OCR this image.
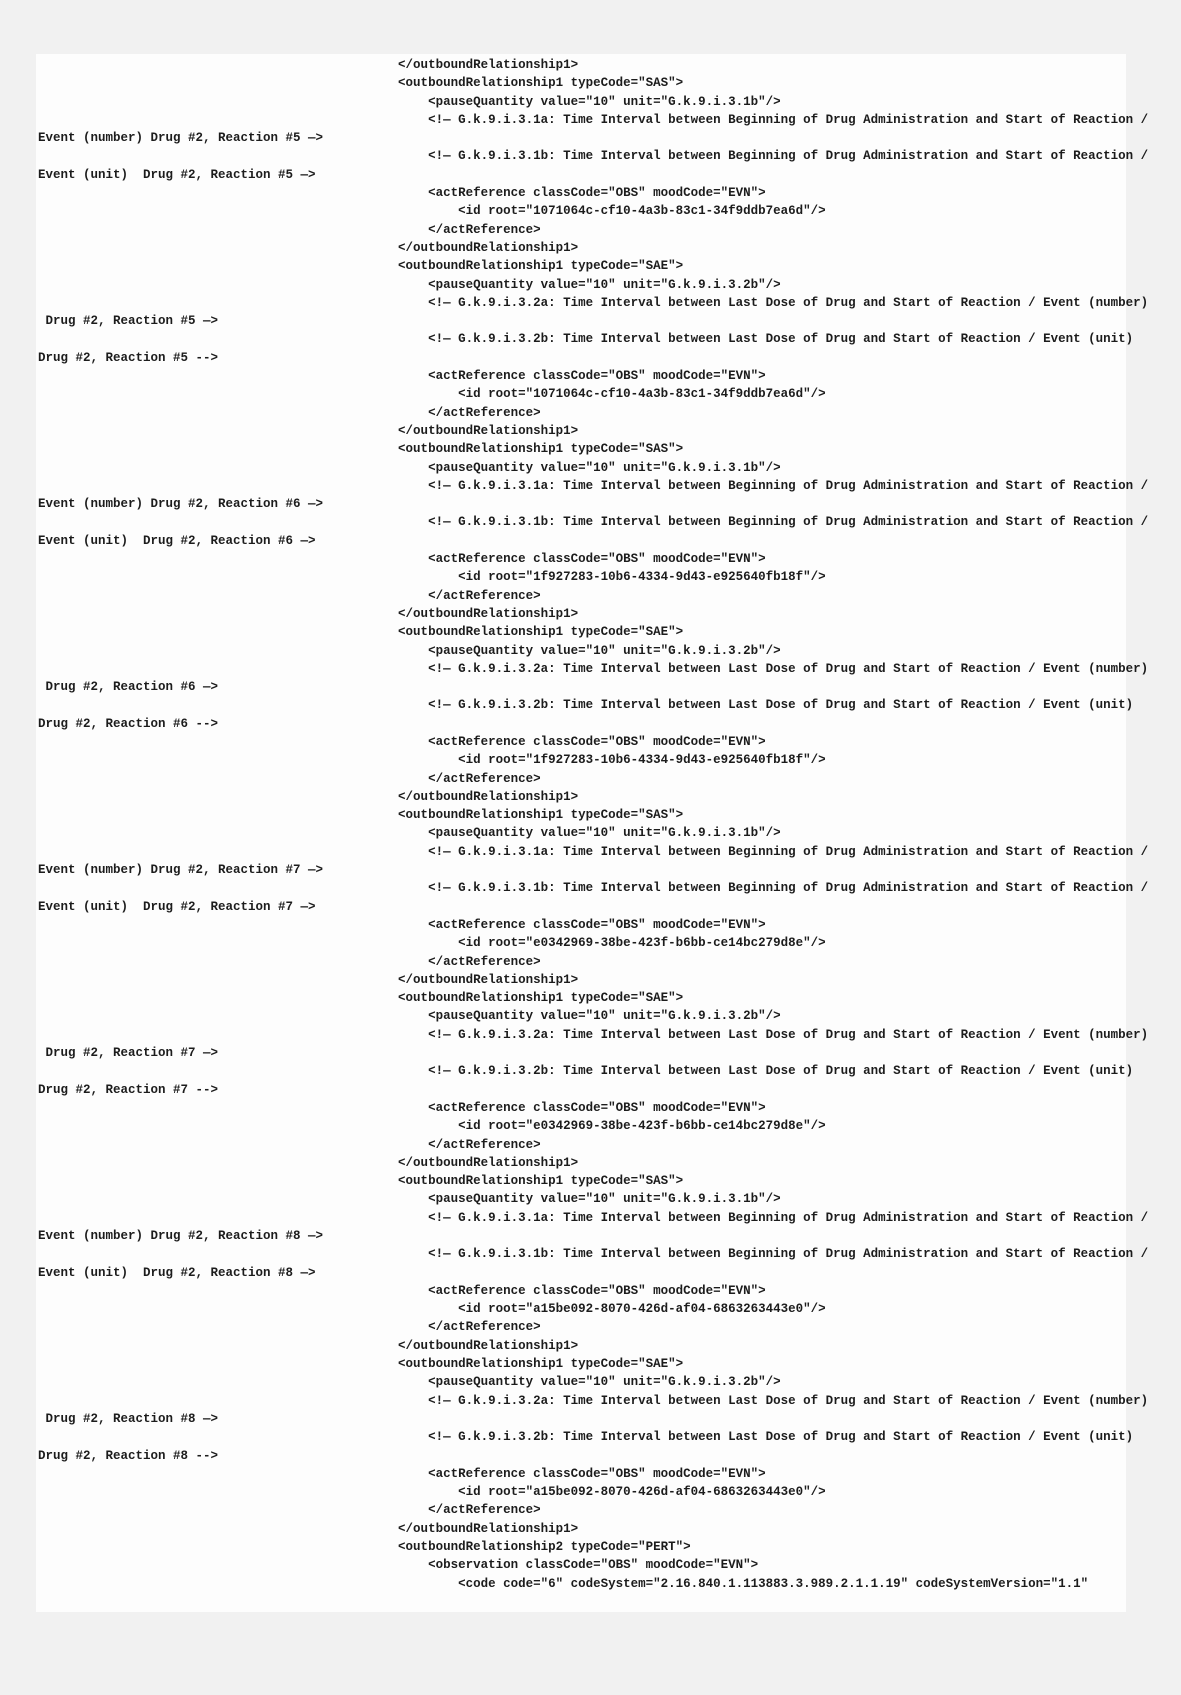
</outboundRelationship1>
<outboundRelationship1 typeCode="SAS">
<pauseQuantity value="10" unit="G.k.9.i.3.1b"/>
<!— G.k.9.i.3.1a: Time Interval between Beginning of Drug Administration and Start of Reaction /
Event (number) Drug #2, Reaction #5 —>
<!— G.k.9.i.3.1b: Time Interval between Beginning of Drug Administration and Start of Reaction /
Event (unit)  Drug #2, Reaction #5 —>
<actReference classCode="OBS" moodCode="EVN">
<id root="1071064c-cf10-4a3b-83c1-34f9ddb7ea6d"/>
</actReference>
</outboundRelationship1>
<outboundRelationship1 typeCode="SAE">
<pauseQuantity value="10" unit="G.k.9.i.3.2b"/>
<!— G.k.9.i.3.2a: Time Interval between Last Dose of Drug and Start of Reaction / Event (number)
Drug #2, Reaction #5 —>
<!— G.k.9.i.3.2b: Time Interval between Last Dose of Drug and Start of Reaction / Event (unit)
Drug #2, Reaction #5 -->
<actReference classCode="OBS" moodCode="EVN">
<id root="1071064c-cf10-4a3b-83c1-34f9ddb7ea6d"/>
</actReference>
</outboundRelationship1>
<outboundRelationship1 typeCode="SAS">
<pauseQuantity value="10" unit="G.k.9.i.3.1b"/>
<!— G.k.9.i.3.1a: Time Interval between Beginning of Drug Administration and Start of Reaction /
Event (number) Drug #2, Reaction #6 —>
<!— G.k.9.i.3.1b: Time Interval between Beginning of Drug Administration and Start of Reaction /
Event (unit)  Drug #2, Reaction #6 —>
<actReference classCode="OBS" moodCode="EVN">
<id root="1f927283-10b6-4334-9d43-e925640fb18f"/>
</actReference>
</outboundRelationship1>
<outboundRelationship1 typeCode="SAE">
<pauseQuantity value="10" unit="G.k.9.i.3.2b"/>
<!— G.k.9.i.3.2a: Time Interval between Last Dose of Drug and Start of Reaction / Event (number)
Drug #2, Reaction #6 —>
<!— G.k.9.i.3.2b: Time Interval between Last Dose of Drug and Start of Reaction / Event (unit)
Drug #2, Reaction #6 -->
<actReference classCode="OBS" moodCode="EVN">
<id root="1f927283-10b6-4334-9d43-e925640fb18f"/>
</actReference>
</outboundRelationship1>
<outboundRelationship1 typeCode="SAS">
<pauseQuantity value="10" unit="G.k.9.i.3.1b"/>
<!— G.k.9.i.3.1a: Time Interval between Beginning of Drug Administration and Start of Reaction /
Event (number) Drug #2, Reaction #7 —>
<!— G.k.9.i.3.1b: Time Interval between Beginning of Drug Administration and Start of Reaction /
Event (unit)  Drug #2, Reaction #7 —>
<actReference classCode="OBS" moodCode="EVN">
<id root="e0342969-38be-423f-b6bb-ce14bc279d8e"/>
</actReference>
</outboundRelationship1>
<outboundRelationship1 typeCode="SAE">
<pauseQuantity value="10" unit="G.k.9.i.3.2b"/>
<!— G.k.9.i.3.2a: Time Interval between Last Dose of Drug and Start of Reaction / Event (number)
Drug #2, Reaction #7 —>
<!— G.k.9.i.3.2b: Time Interval between Last Dose of Drug and Start of Reaction / Event (unit)
Drug #2, Reaction #7 -->
<actReference classCode="OBS" moodCode="EVN">
<id root="e0342969-38be-423f-b6bb-ce14bc279d8e"/>
</actReference>
</outboundRelationship1>
<outboundRelationship1 typeCode="SAS">
<pauseQuantity value="10" unit="G.k.9.i.3.1b"/>
<!— G.k.9.i.3.1a: Time Interval between Beginning of Drug Administration and Start of Reaction /
Event (number) Drug #2, Reaction #8 —>
<!— G.k.9.i.3.1b: Time Interval between Beginning of Drug Administration and Start of Reaction /
Event (unit)  Drug #2, Reaction #8 —>
<actReference classCode="OBS" moodCode="EVN">
<id root="a15be092-8070-426d-af04-6863263443e0"/>
</actReference>
</outboundRelationship1>
<outboundRelationship1 typeCode="SAE">
<pauseQuantity value="10" unit="G.k.9.i.3.2b"/>
<!— G.k.9.i.3.2a: Time Interval between Last Dose of Drug and Start of Reaction / Event (number)
Drug #2, Reaction #8 —>
<!— G.k.9.i.3.2b: Time Interval between Last Dose of Drug and Start of Reaction / Event (unit)
Drug #2, Reaction #8 -->
<actReference classCode="OBS" moodCode="EVN">
<id root="a15be092-8070-426d-af04-6863263443e0"/>
</actReference>
</outboundRelationship1>
<outboundRelationship2 typeCode="PERT">
<observation classCode="OBS" moodCode="EVN">
<code code="6" codeSystem="2.16.840.1.113883.3.989.2.1.1.19" codeSystemVersion="1.1"
